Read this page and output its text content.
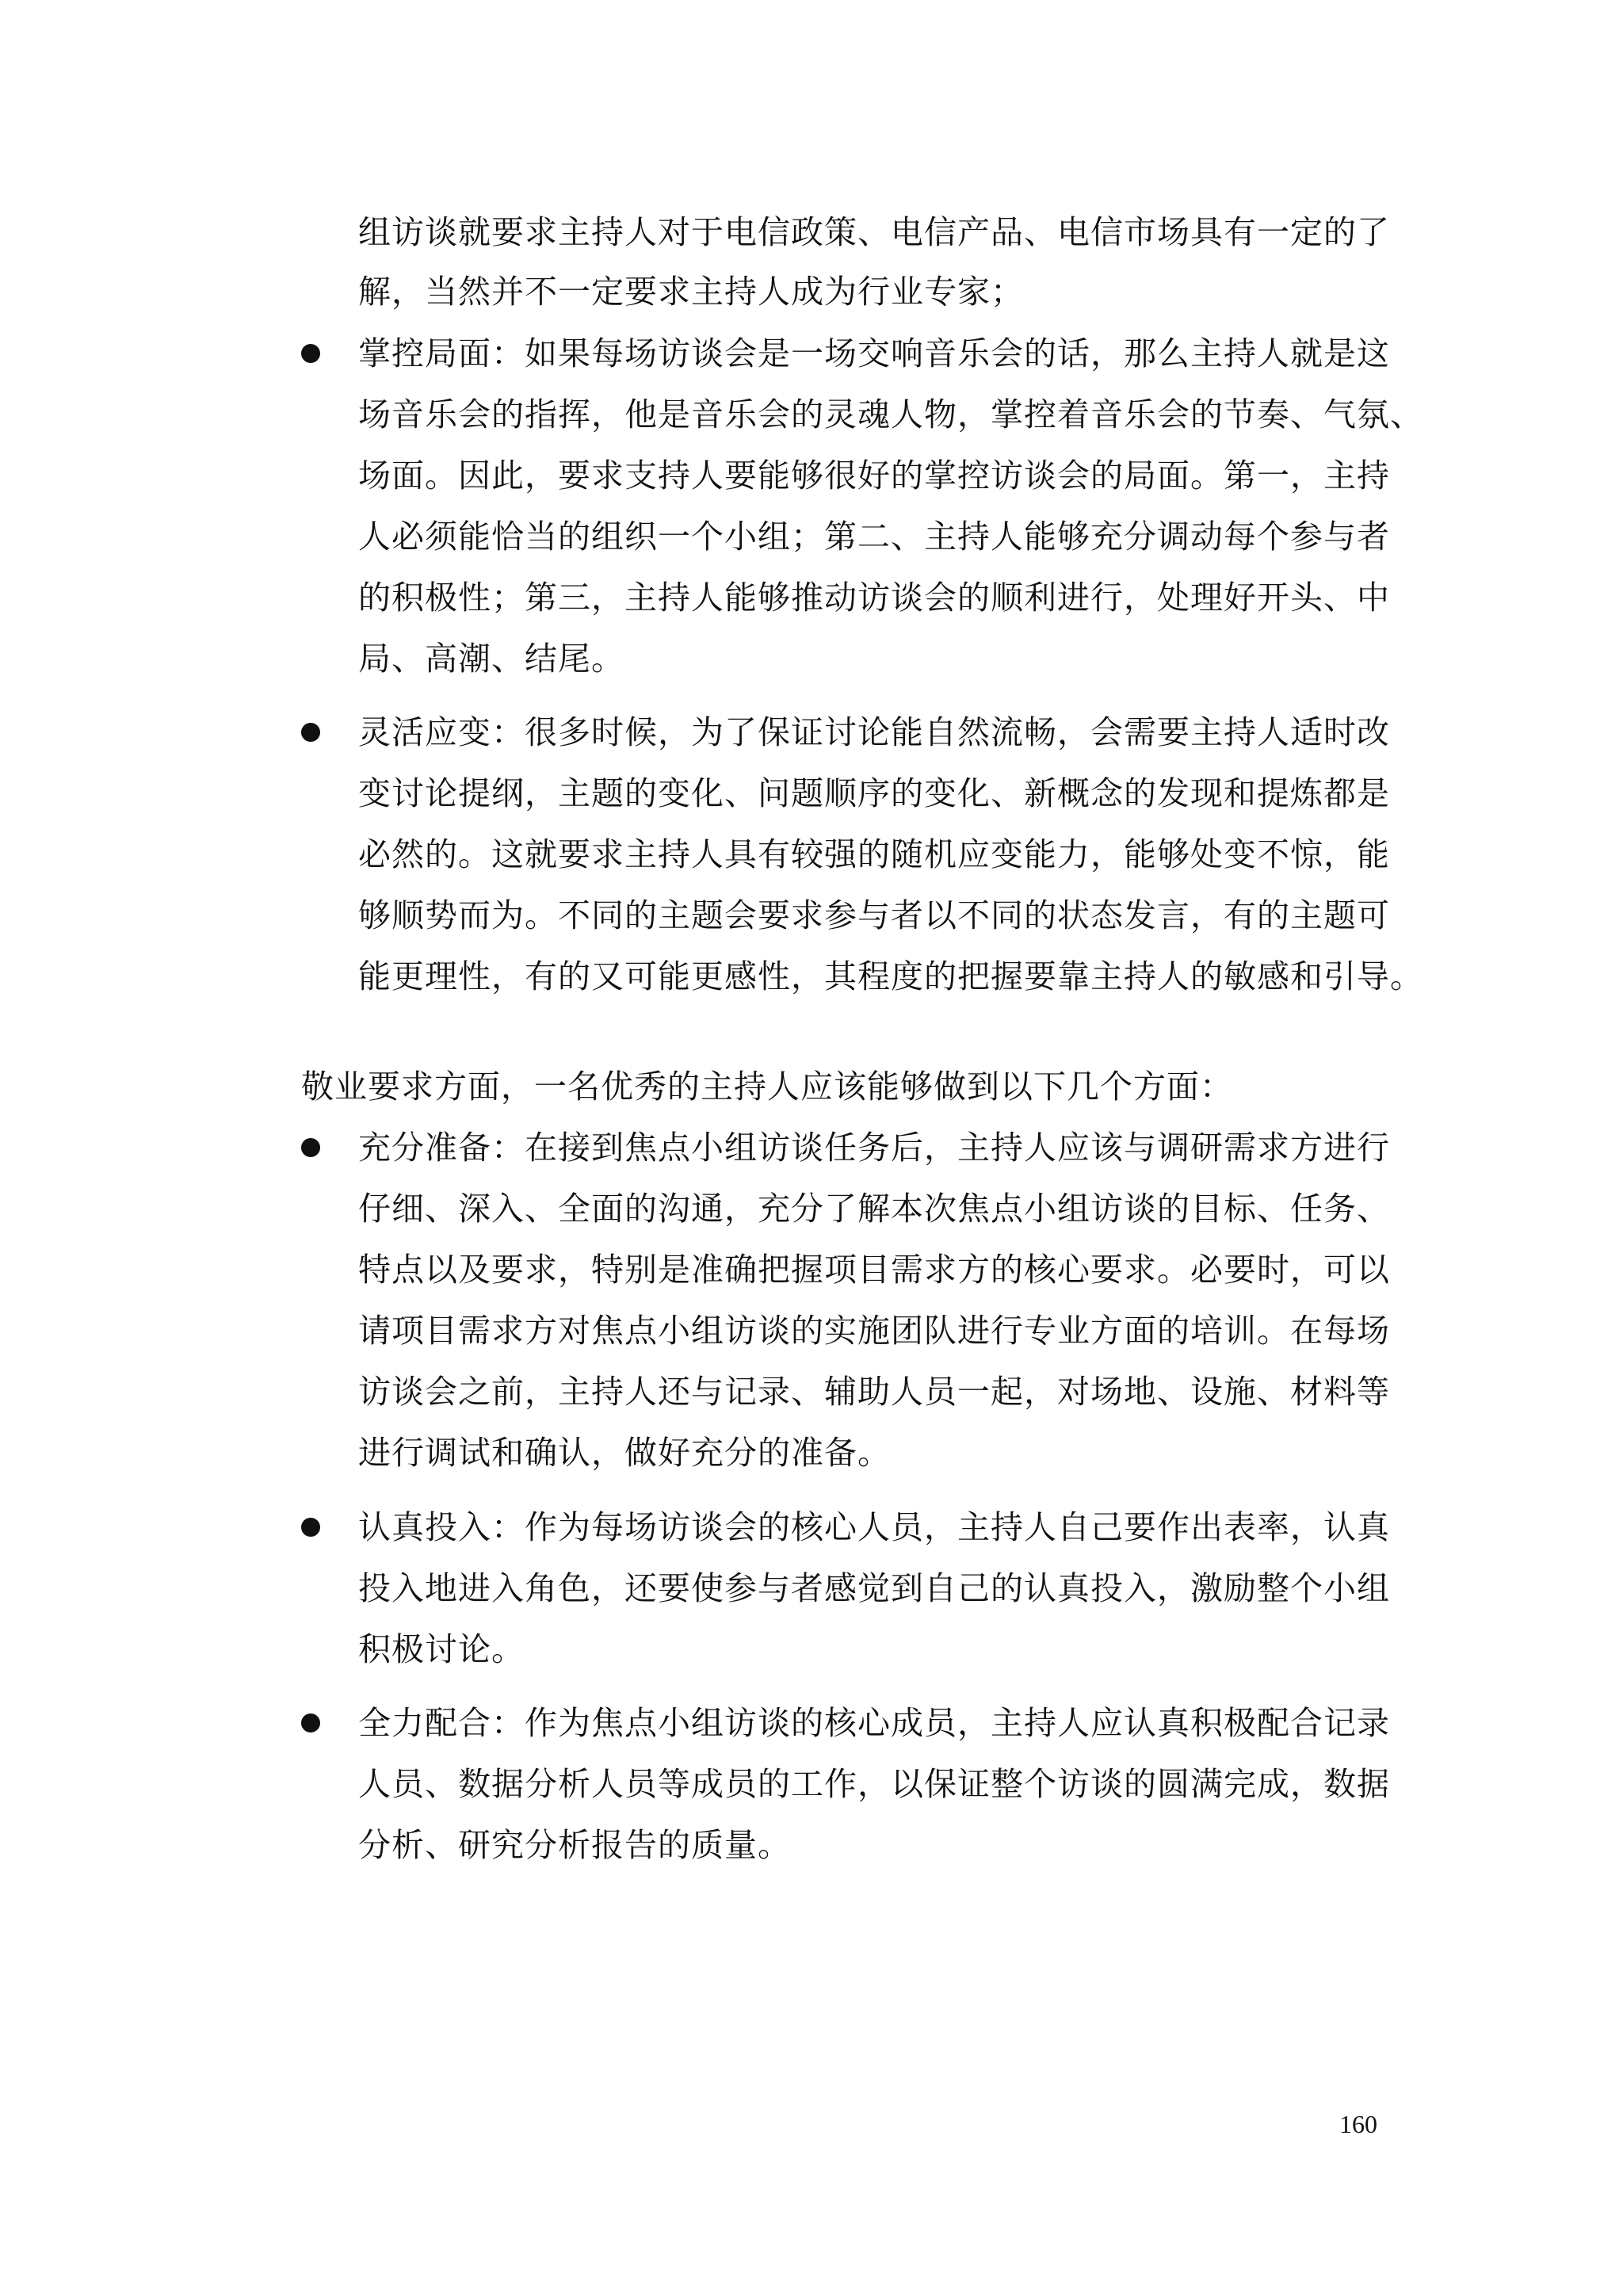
组访谈就要求主持人对于电信政策、电信产品、电信市场具有一定的了
解，当然并不一定要求主持人成为行业专家；
掌控局面：如果每场访谈会是一场交响音乐会的话，那么主持人就是这
场音乐会的指挥，他是音乐会的灵魂人物，掌控着音乐会的节奏、气氛、
场面。因此，要求支持人要能够很好的掌控访谈会的局面。第一，主持
人必须能恰当的组织一个小组；第二、主持人能够充分调动每个参与者
的积极性；第三，主持人能够推动访谈会的顺利进行，处理好开头、中
局、高潮、结尾。
灵活应变：很多时候，为了保证讨论能自然流畅，会需要主持人适时改
变讨论提纲，主题的变化、问题顺序的变化、新概念的发现和提炼都是
必然的。这就要求主持人具有较强的随机应变能力，能够处变不惊，能
够顺势而为。不同的主题会要求参与者以不同的状态发言，有的主题可
能更理性，有的又可能更感性，其程度的把握要靠主持人的敏感和引导。
敬业要求方面，一名优秀的主持人应该能够做到以下几个方面：
充分准备：在接到焦点小组访谈任务后，主持人应该与调研需求方进行
仔细、深入、全面的沟通，充分了解本次焦点小组访谈的目标、任务、
特点以及要求，特别是准确把握项目需求方的核心要求。必要时，可以
请项目需求方对焦点小组访谈的实施团队进行专业方面的培训。在每场
访谈会之前，主持人还与记录、辅助人员一起，对场地、设施、材料等
进行调试和确认，做好充分的准备。
认真投入：作为每场访谈会的核心人员，主持人自己要作出表率，认真
投入地进入角色，还要使参与者感觉到自己的认真投入，激励整个小组
积极讨论。
全力配合：作为焦点小组访谈的核心成员，主持人应认真积极配合记录
人员、数据分析人员等成员的工作，以保证整个访谈的圆满完成，数据
分析、研究分析报告的质量。
160
